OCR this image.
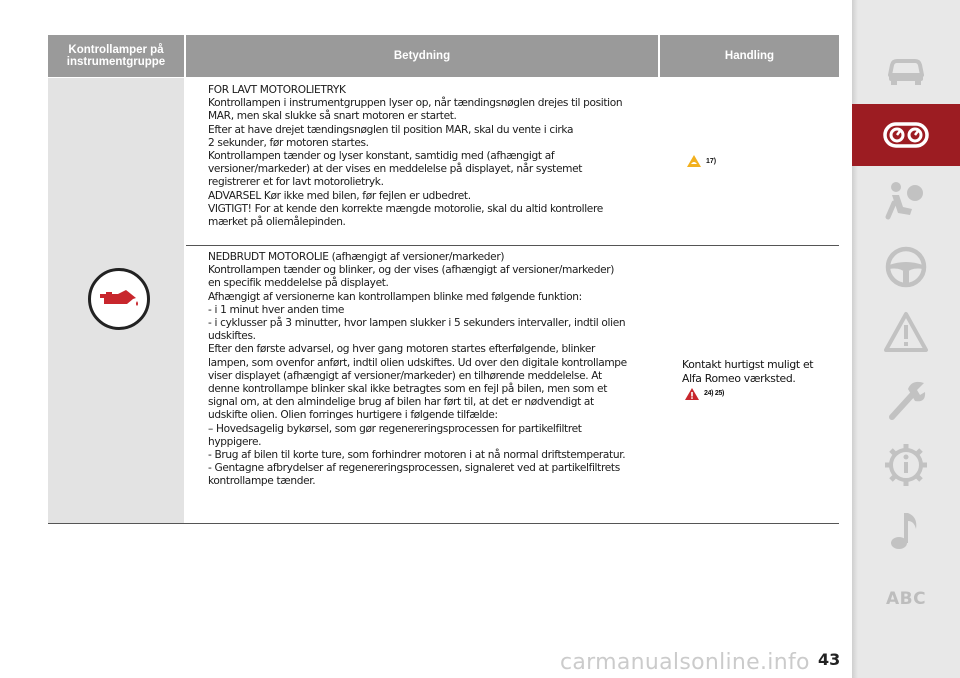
Kontrollamper på instrumentgruppe	Betydning	Handling

FOR LAVT MOTOROLIETRYK

Kontrollampen i instrumentgruppen lyser op, når tændingsnøglen drejes til position

MAR, men skal slukke så snart motoren er startet.

Efter at have drejet tændingsnøglen til position MAR, skal du vente i cirka

2 sekunder, før motoren startes.

Kontrollampen tænder og lyser konstant, samtidig med (afhængigt af

versioner/markeder) at der vises en meddelelse på displayet, når systemet

registrerer et for lavt motorolietryk.

ADVARSEL Kør ikke med bilen, før fejlen er udbedret.

VIGTIGT! For at kende den korrekte mængde motorolie, skal du altid kontrollere

mærket på oliemålepinden.

17)

NEDBRUDT MOTOROLIE (afhængigt af versioner/markeder)

Kontrollampen tænder og blinker, og der vises (afhængigt af versioner/markeder)

en specifik meddelelse på displayet.

Afhængigt af versionerne kan kontrollampen blinke med følgende funktion:

- i 1 minut hver anden time

- i cyklusser på 3 minutter, hvor lampen slukker i 5 sekunders intervaller, indtil olien

udskiftes.

Efter den første advarsel, og hver gang motoren startes efterfølgende, blinker

lampen, som ovenfor anført, indtil olien udskiftes. Ud over den digitale kontrollampe

viser displayet (afhængigt af versioner/markeder) en tilhørende meddelelse. At

denne kontrollampe blinker skal ikke betragtes som en fejl på bilen, men som et

signal om, at den almindelige brug af bilen har ført til, at det er nødvendigt at

udskifte olien. Olien forringes hurtigere i følgende tilfælde:

– Hovedsagelig bykørsel, som gør regenereringsprocessen for partikelfiltret

hyppigere.

- Brug af bilen til korte ture, som forhindrer motoren i at nå normal driftstemperatur.

- Gentagne afbrydelser af regenereringsprocessen, signaleret ved at partikelfiltrets

kontrollampe tænder.

Kontakt hurtigst muligt et

Alfa Romeo værksted.

24) 25)
ABC
carmanualsonline.info 43
